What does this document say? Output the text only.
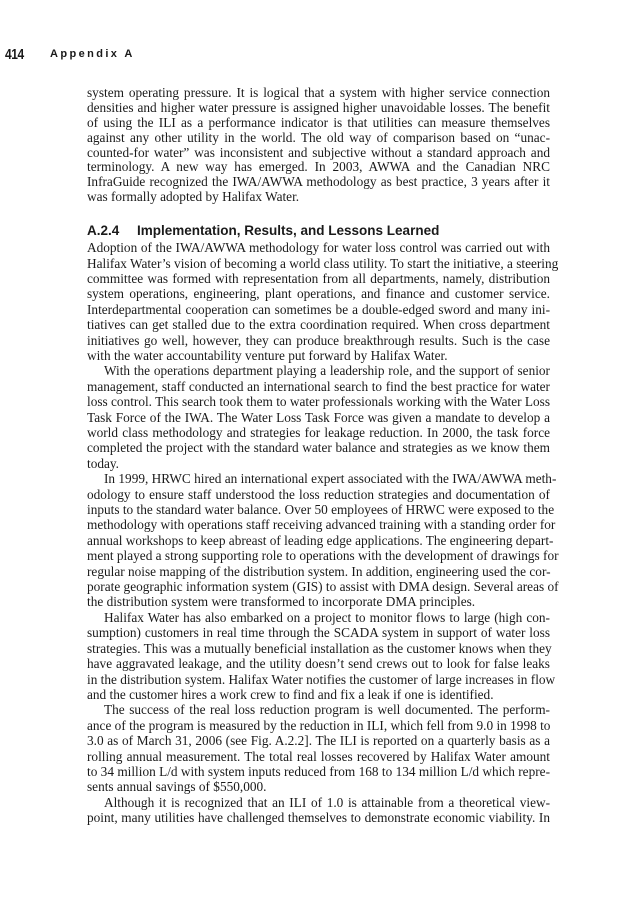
414 Appendix A
system operating pressure. It is logical that a system with higher service connection
densities and higher water pressure is assigned higher unavoidable losses. The benefit
of using the ILI as a performance indicator is that utilities can measure themselves
against any other utility in the world. The old way of comparison based on “unac-
counted-for water” was inconsistent and subjective without a standard approach and
terminology. A new way has emerged. In 2003, AWWA and the Canadian NRC
InfraGuide recognized the IWA/AWWA methodology as best practice, 3 years after it
was formally adopted by Halifax Water.
A.2.4 Implementation, Results, and Lessons Learned
Adoption of the IWA/AWWA methodology for water loss control was carried out with
Halifax Water’s vision of becoming a world class utility. To start the initiative, a steering
committee was formed with representation from all departments, namely, distribution
system operations, engineering, plant operations, and finance and customer service.
Interdepartmental cooperation can sometimes be a double-edged sword and many ini-
tiatives can get stalled due to the extra coordination required. When cross department
initiatives go well, however, they can produce breakthrough results. Such is the case
with the water accountability venture put forward by Halifax Water.
With the operations department playing a leadership role, and the support of senior
management, staff conducted an international search to find the best practice for water
loss control. This search took them to water professionals working with the Water Loss
Task Force of the IWA. The Water Loss Task Force was given a mandate to develop a
world class methodology and strategies for leakage reduction. In 2000, the task force
completed the project with the standard water balance and strategies as we know them
today.
In 1999, HRWC hired an international expert associated with the IWA/AWWA meth-
odology to ensure staff understood the loss reduction strategies and documentation of
inputs to the standard water balance. Over 50 employees of HRWC were exposed to the
methodology with operations staff receiving advanced training with a standing order for
annual workshops to keep abreast of leading edge applications. The engineering depart-
ment played a strong supporting role to operations with the development of drawings for
regular noise mapping of the distribution system. In addition, engineering used the cor-
porate geographic information system (GIS) to assist with DMA design. Several areas of
the distribution system were transformed to incorporate DMA principles.
Halifax Water has also embarked on a project to monitor flows to large (high con-
sumption) customers in real time through the SCADA system in support of water loss
strategies. This was a mutually beneficial installation as the customer knows when they
have aggravated leakage, and the utility doesn’t send crews out to look for false leaks
in the distribution system. Halifax Water notifies the customer of large increases in flow
and the customer hires a work crew to find and fix a leak if one is identified.
The success of the real loss reduction program is well documented. The perform-
ance of the program is measured by the reduction in ILI, which fell from 9.0 in 1998 to
3.0 as of March 31, 2006 (see Fig. A.2.2]. The ILI is reported on a quarterly basis as a
rolling annual measurement. The total real losses recovered by Halifax Water amount
to 34 million L/d with system inputs reduced from 168 to 134 million L/d which repre-
sents annual savings of $550,000.
Although it is recognized that an ILI of 1.0 is attainable from a theoretical view-
point, many utilities have challenged themselves to demonstrate economic viability. In
